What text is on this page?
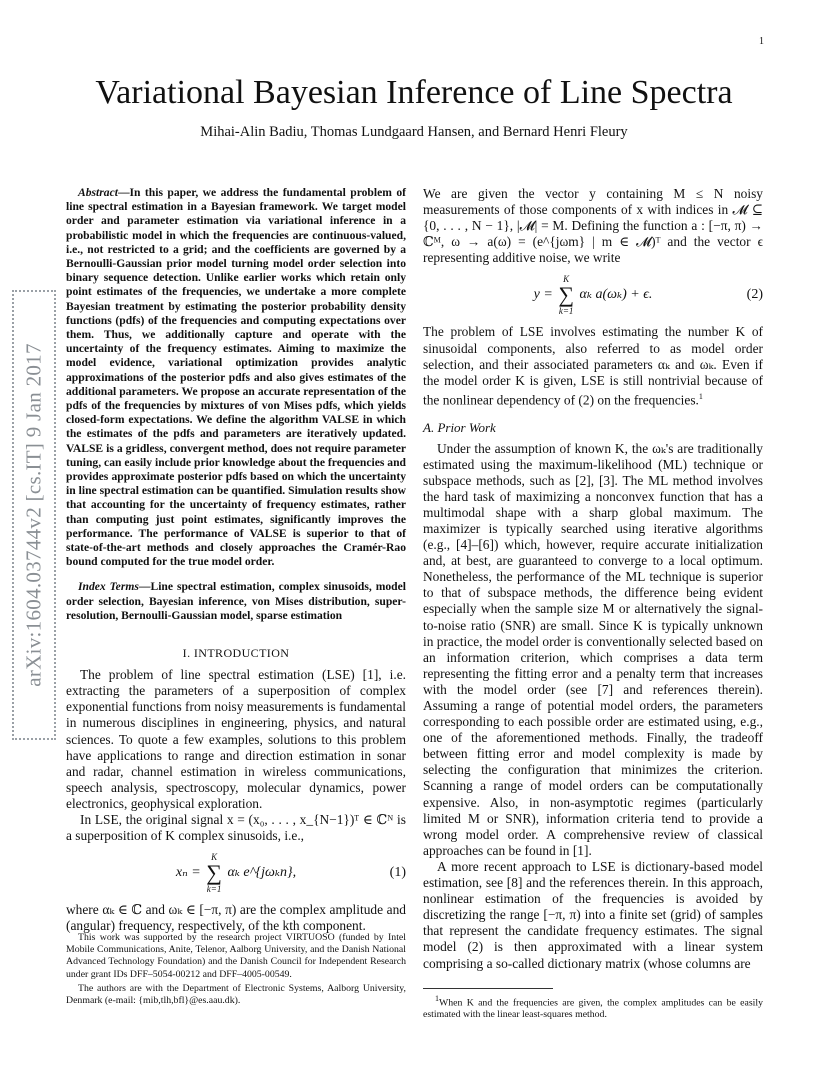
1
arXiv:1604.03744v2 [cs.IT] 9 Jan 2017
Variational Bayesian Inference of Line Spectra
Mihai-Alin Badiu, Thomas Lundgaard Hansen, and Bernard Henri Fleury

Abstract—In this paper, we address the fundamental problem of line spectral estimation in a Bayesian framework. We target model order and parameter estimation via variational inference in a probabilistic model in which the frequencies are continuous-valued, i.e., not restricted to a grid; and the coefficients are governed by a Bernoulli-Gaussian prior model turning model order selection into binary sequence detection. Unlike earlier works which retain only point estimates of the frequencies, we undertake a more complete Bayesian treatment by estimating the posterior probability density functions (pdfs) of the frequencies and computing expectations over them. Thus, we additionally capture and operate with the uncertainty of the frequency estimates. Aiming to maximize the model evidence, variational optimization provides analytic approximations of the posterior pdfs and also gives estimates of the additional parameters. We propose an accurate representation of the pdfs of the frequencies by mixtures of von Mises pdfs, which yields closed-form expectations. We define the algorithm VALSE in which the estimates of the pdfs and parameters are iteratively updated. VALSE is a gridless, convergent method, does not require parameter tuning, can easily include prior knowledge about the frequencies and provides approximate posterior pdfs based on which the uncertainty in line spectral estimation can be quantified. Simulation results show that accounting for the uncertainty of frequency estimates, rather than computing just point estimates, significantly improves the performance. The performance of VALSE is superior to that of state-of-the-art methods and closely approaches the Cramér-Rao bound computed for the true model order.

Index Terms—Line spectral estimation, complex sinusoids, model order selection, Bayesian inference, von Mises distribution, super-resolution, Bernoulli-Gaussian model, sparse estimation

I. INTRODUCTION

The problem of line spectral estimation (LSE) [1], i.e. extracting the parameters of a superposition of complex exponential functions from noisy measurements is fundamental in numerous disciplines in engineering, physics, and natural sciences. To quote a few examples, solutions to this problem have applications to range and direction estimation in sonar and radar, channel estimation in wireless communications, speech analysis, spectroscopy, molecular dynamics, power electronics, geophysical exploration.

In LSE, the original signal x = (x₀, . . . , x_{N−1})ᵀ ∈ ℂᴺ is a superposition of K complex sinusoids, i.e.,

xₙ =
K
∑
k=1
αₖ e^{jωₖn},	(1)

where αₖ ∈ ℂ and ωₖ ∈ [−π, π) are the complex amplitude and (angular) frequency, respectively, of the kth component.

We are given the vector y containing M ≤ N noisy measurements of those components of x with indices in 𝓜 ⊆ {0, . . . , N − 1}, |𝓜| = M. Defining the function a : [−π, π) → ℂᴹ, ω → a(ω) = (e^{jωm} | m ∈ 𝓜)ᵀ and the vector ϵ representing additive noise, we write

y =
K
∑
k=1
αₖ a(ωₖ) + ϵ.	(2)

The problem of LSE involves estimating the number K of sinusoidal components, also referred to as model order selection, and their associated parameters αₖ and ωₖ. Even if the model order K is given, LSE is still nontrivial because of the nonlinear dependency of (2) on the frequencies.$^1$

A. Prior Work

Under the assumption of known K, the ωₖ's are traditionally estimated using the maximum-likelihood (ML) technique or subspace methods, such as [2], [3]. The ML method involves the hard task of maximizing a nonconvex function that has a multimodal shape with a sharp global maximum. The maximizer is typically searched using iterative algorithms (e.g., [4]–[6]) which, however, require accurate initialization and, at best, are guaranteed to converge to a local optimum. Nonetheless, the performance of the ML technique is superior to that of subspace methods, the difference being evident especially when the sample size M or alternatively the signal-to-noise ratio (SNR) are small. Since K is typically unknown in practice, the model order is conventionally selected based on an information criterion, which comprises a data term representing the fitting error and a penalty term that increases with the model order (see [7] and references therein). Assuming a range of potential model orders, the parameters corresponding to each possible order are estimated using, e.g., one of the aforementioned methods. Finally, the tradeoff between fitting error and model complexity is made by selecting the configuration that minimizes the criterion. Scanning a range of model orders can be computationally expensive. Also, in non-asymptotic regimes (particularly limited M or SNR), information criteria tend to provide a wrong model order. A comprehensive review of classical approaches can be found in [1].

A more recent approach to LSE is dictionary-based model estimation, see [8] and the references therein. In this approach, nonlinear estimation of the frequencies is avoided by discretizing the range [−π, π) into a finite set (grid) of samples that represent the candidate frequency estimates. The signal model (2) is then approximated with a linear system comprising a so-called dictionary matrix (whose columns are

This work was supported by the research project VIRTUOSO (funded by Intel Mobile Communications, Anite, Telenor, Aalborg University, and the Danish National Advanced Technology Foundation) and the Danish Council for Independent Research under grant IDs DFF–5054-00212 and DFF–4005-00549.

The authors are with the Department of Electronic Systems, Aalborg University, Denmark (e-mail: {mib,tlh,bfl}@es.aau.dk).	$^1$When K and the frequencies are given, the complex amplitudes can be easily estimated with the linear least-squares method.
